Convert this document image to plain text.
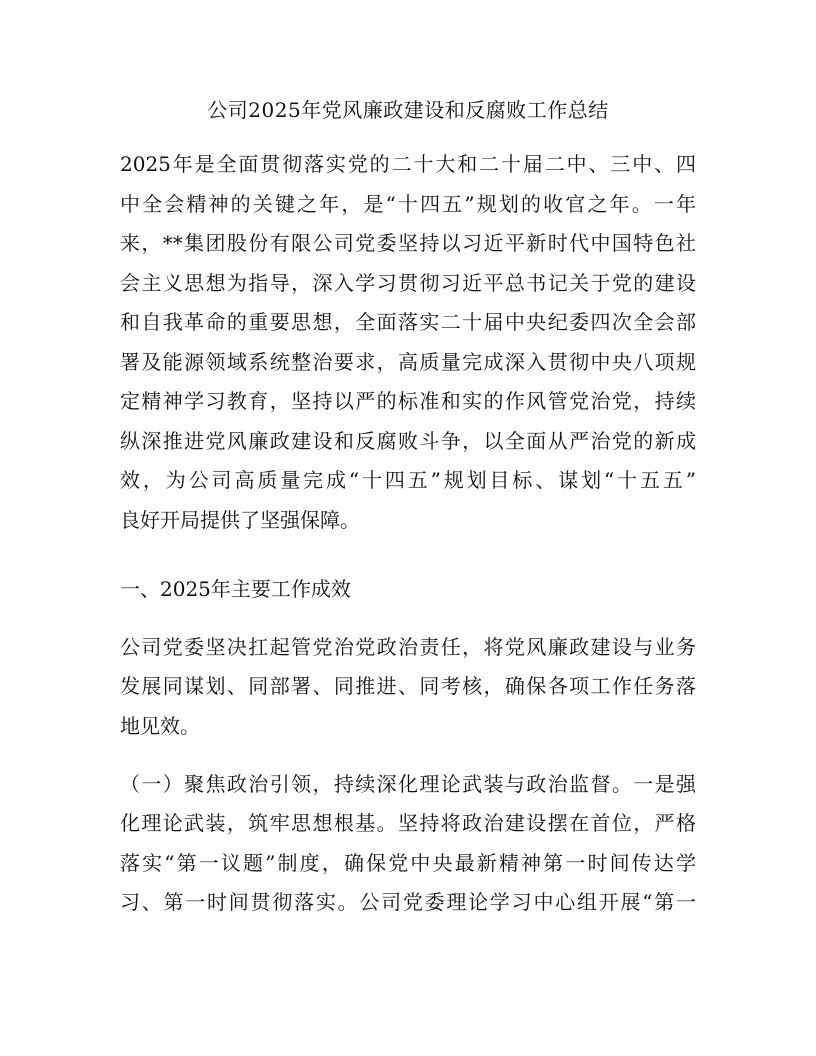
公司2025年党风廉政建设和反腐败工作总结
2025年是全面贯彻落实党的二十大和二十届二中、三中、四
中全会精神的关键之年，是“十四五”规划的收官之年。一年
来，**集团股份有限公司党委坚持以习近平新时代中国特色社
会主义思想为指导，深入学习贯彻习近平总书记关于党的建设
和自我革命的重要思想，全面落实二十届中央纪委四次全会部
署及能源领域系统整治要求，高质量完成深入贯彻中央八项规
定精神学习教育，坚持以严的标准和实的作风管党治党，持续
纵深推进党风廉政建设和反腐败斗争，以全面从严治党的新成
效，为公司高质量完成“十四五”规划目标、谋划“十五五”
良好开局提供了坚强保障。
一、2025年主要工作成效
公司党委坚决扛起管党治党政治责任，将党风廉政建设与业务
发展同谋划、同部署、同推进、同考核，确保各项工作任务落
地见效。
（一）聚焦政治引领，持续深化理论武装与政治监督。一是强
化理论武装，筑牢思想根基。坚持将政治建设摆在首位，严格
落实“第一议题”制度，确保党中央最新精神第一时间传达学
习、第一时间贯彻落实。公司党委理论学习中心组开展“第一
